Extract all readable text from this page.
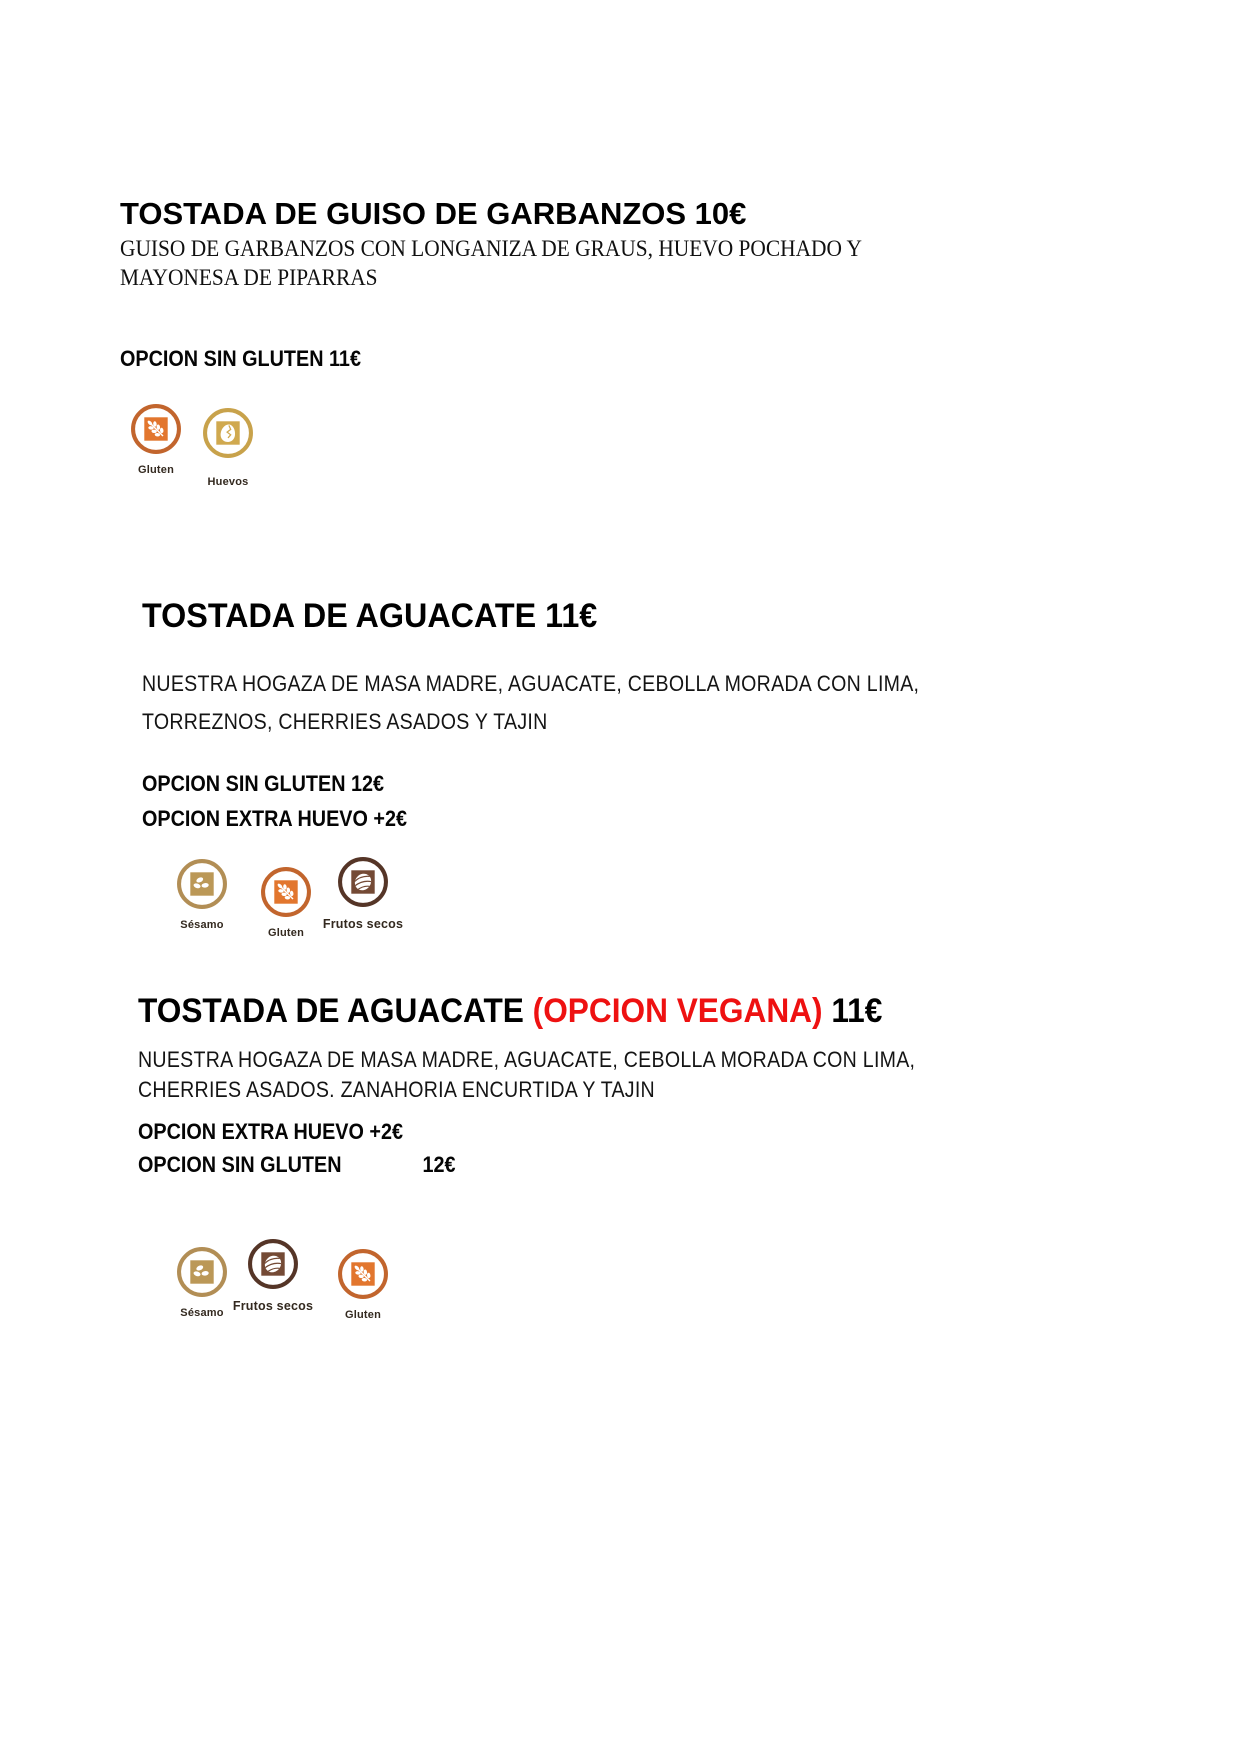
TOSTADA DE GUISO DE GARBANZOS 10€
GUISO DE GARBANZOS CON LONGANIZA DE GRAUS, HUEVO POCHADO Y
MAYONESA DE PIPARRAS

OPCION SIN GLUTEN 11€

Gluten
Huevos
TOSTADA DE AGUACATE 11€
NUESTRA HOGAZA DE MASA MADRE, AGUACATE, CEBOLLA MORADA CON LIMA,
TORREZNOS, CHERRIES ASADOS Y TAJIN

OPCION SIN GLUTEN 12€

OPCION EXTRA HUEVO +2€

Sésamo
Gluten
Frutos secos
TOSTADA DE AGUACATE (OPCION VEGANA) 11€
NUESTRA HOGAZA DE MASA MADRE, AGUACATE, CEBOLLA MORADA CON LIMA,
CHERRIES ASADOS. ZANAHORIA ENCURTIDA Y TAJIN

OPCION EXTRA HUEVO +2€

OPCION SIN GLUTEN	12€

Sésamo Frutos secos
Gluten
